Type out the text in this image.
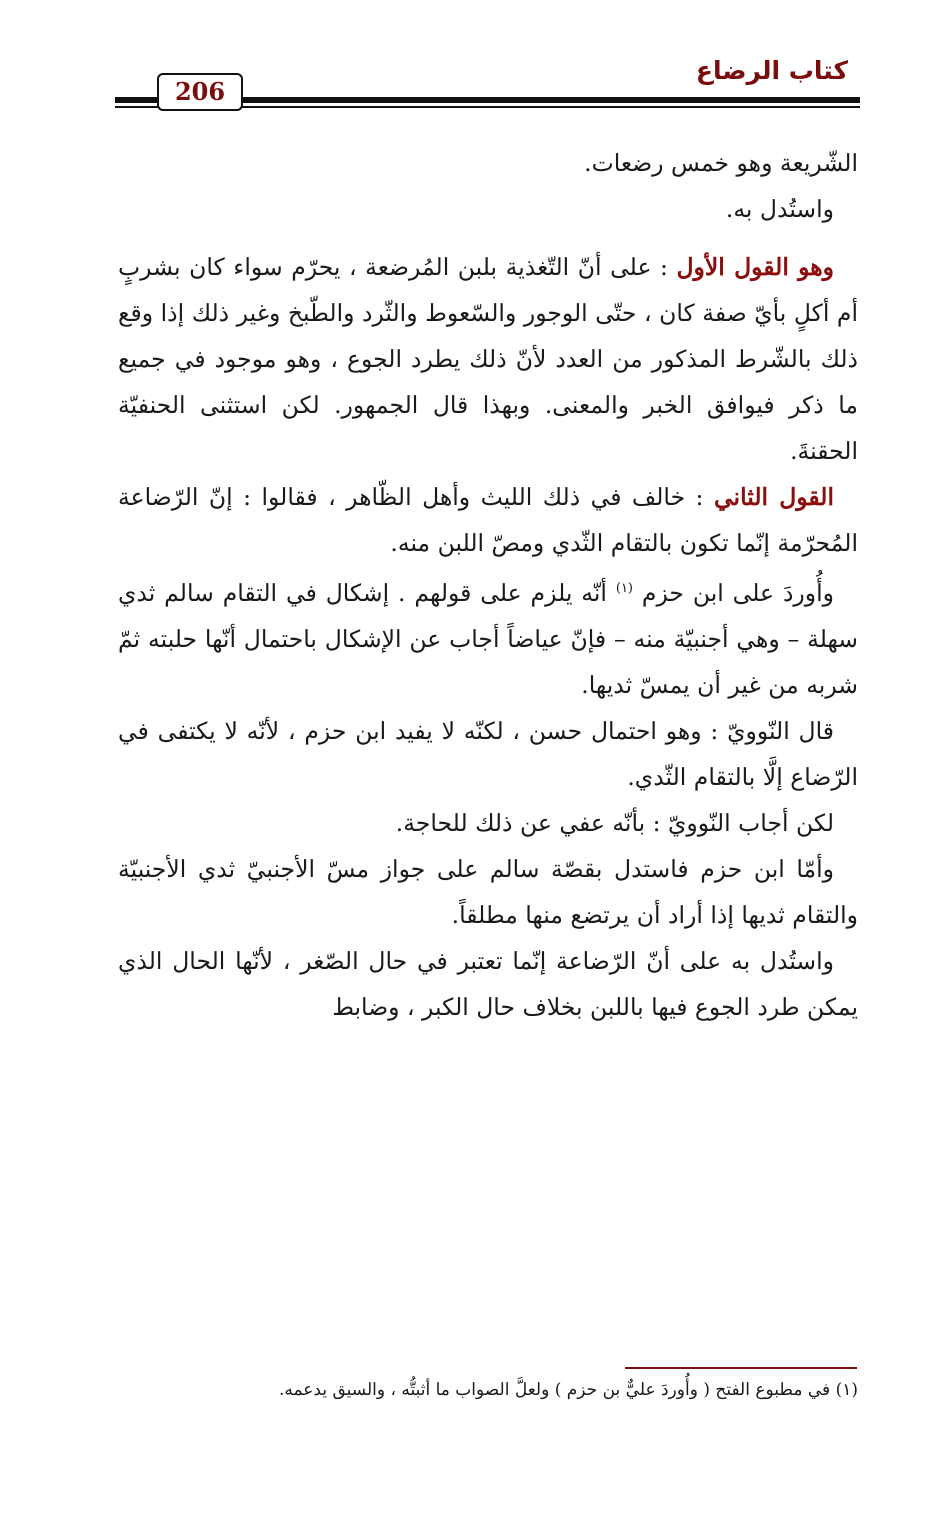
كتاب الرضاع
206

الشّريعة وهو خمس رضعات.

واستُدل به.

وهو القول الأول : على أنّ التّغذية بلبن المُرضعة ، يحرّم سواء كان بشربٍ أم أكلٍ بأيّ صفة كان ، حتّى الوجور والسّعوط والثّرد والطّبخ وغير ذلك إذا وقع ذلك بالشّرط المذكور من العدد لأنّ ذلك يطرد الجوع ، وهو موجود في جميع ما ذكر فيوافق الخبر والمعنى. وبهذا قال الجمهور. لكن استثنى الحنفيّة الحقنةَ.

القول الثاني : خالف في ذلك الليث وأهل الظّاهر ، فقالوا : إنّ الرّضاعة المُحرّمة إنّما تكون بالتقام الثّدي ومصّ اللبن منه.

وأُوردَ على ابن حزم $^{(١)}$ أنّه يلزم على قولهم . إشكال في التقام سالم ثدي سهلة – وهي أجنبيّة منه – فإنّ عياضاً أجاب عن الإشكال باحتمال أنّها حلبته ثمّ شربه من غير أن يمسّ ثديها.

قال النّوويّ : وهو احتمال حسن ، لكنّه لا يفيد ابن حزم ، لأنّه لا يكتفى في الرّضاع إلَّا بالتقام الثّدي.

لكن أجاب النّوويّ : بأنّه عفي عن ذلك للحاجة.

وأمّا ابن حزم فاستدل بقصّة سالم على جواز مسّ الأجنبيّ ثدي الأجنبيّة والتقام ثديها إذا أراد أن يرتضع منها مطلقاً.

واستُدل به على أنّ الرّضاعة إنّما تعتبر في حال الصّغر ، لأنّها الحال الذي يمكن طرد الجوع فيها باللبن بخلاف حال الكبر ، وضابط

(١) في مطبوع الفتح ( وأُوردَ عليٌّ بن حزم ) ولعلَّ الصواب ما أثبتُّه ، والسيق يدعمه.
